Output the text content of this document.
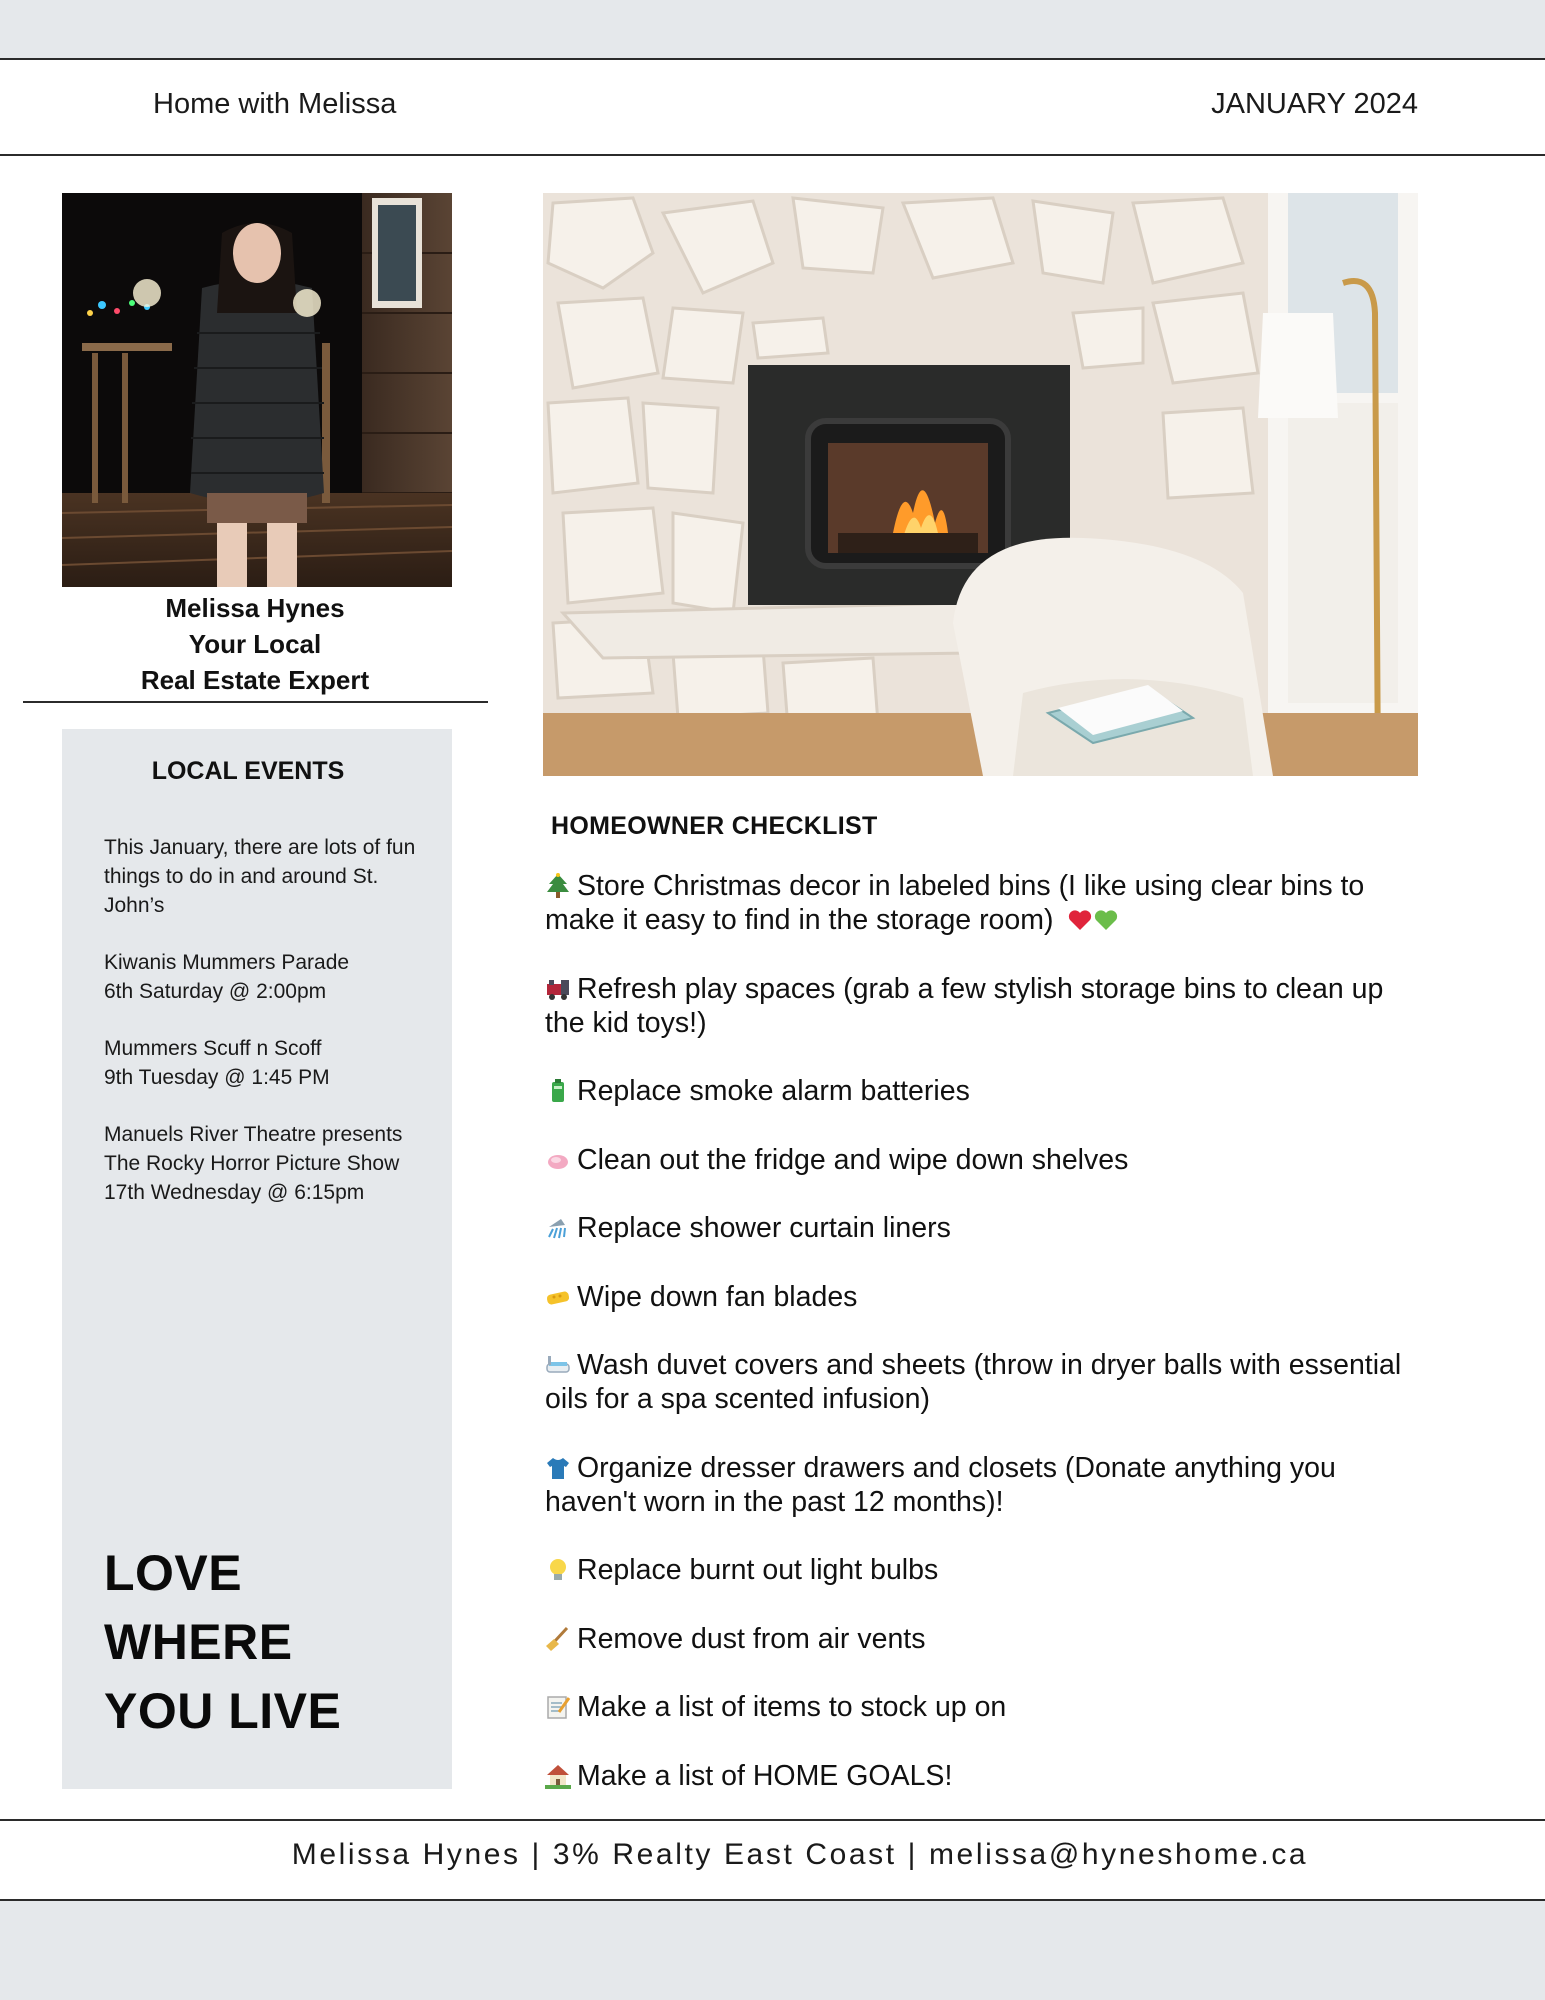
Home with Melissa	JANUARY 2024
Melissa Hynes
Your Local
Real Estate Expert
LOCAL EVENTS

This January, there are lots of fun things to do in and around St. John’s

Kiwanis Mummers Parade
6th Saturday @ 2:00pm

Mummers Scuff n Scoff
9th Tuesday @ 1:45 PM

Manuels River Theatre presents The Rocky Horror Picture Show
17th Wednesday @ 6:15pm

LOVE
WHERE
YOU LIVE
HOMEOWNER CHECKLIST
Store Christmas decor in labeled bins (I like using clear bins to make it easy to find in the storage room)
Refresh play spaces (grab a few stylish storage bins to clean up the kid toys!)
Replace smoke alarm batteries
Clean out the fridge and wipe down shelves
Replace shower curtain liners
Wipe down fan blades
Wash duvet covers and sheets (throw in dryer balls with essential oils for a spa scented infusion)
Organize dresser drawers and closets (Donate anything you haven't worn in the past 12 months)!
Replace burnt out light bulbs
Remove dust from air vents
Make a list of items to stock up on
Make a list of HOME GOALS!
Melissa Hynes | 3% Realty East Coast | melissa@hyneshome.ca
